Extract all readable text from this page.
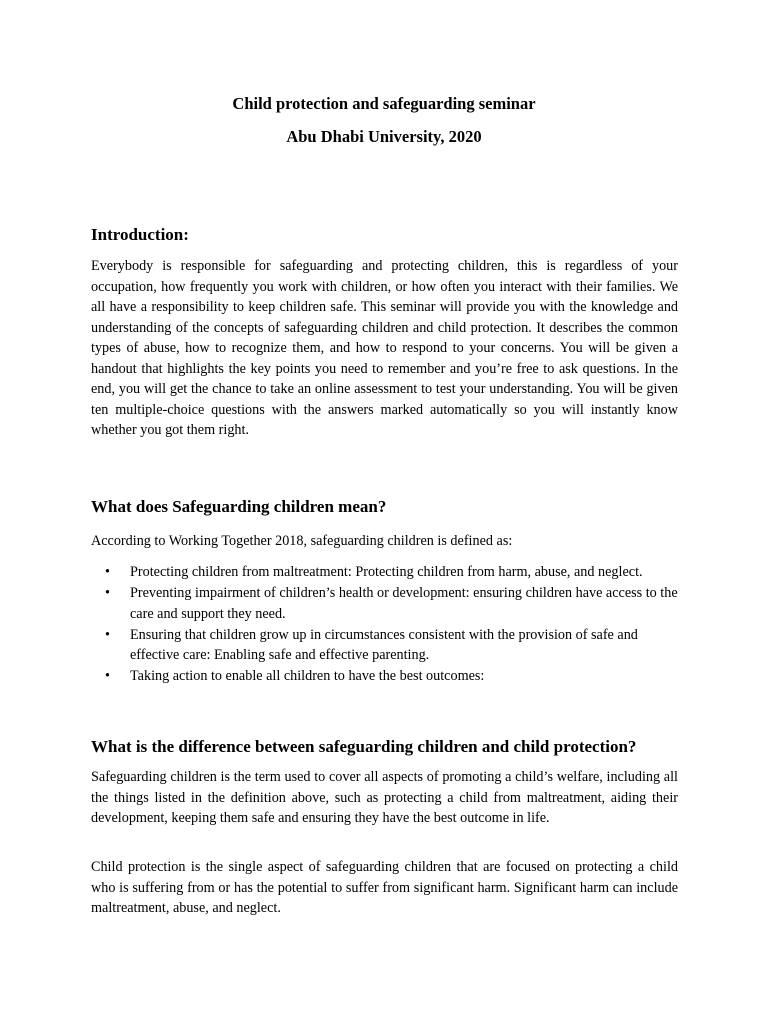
Child protection and safeguarding seminar
Abu Dhabi University, 2020
Introduction:

Everybody is responsible for safeguarding and protecting children, this is regardless of your occupation, how frequently you work with children, or how often you interact with their families. We all have a responsibility to keep children safe. This seminar will provide you with the knowledge and understanding of the concepts of safeguarding children and child protection. It describes the common types of abuse, how to recognize them, and how to respond to your concerns. You will be given a handout that highlights the key points you need to remember and you’re free to ask questions. In the end, you will get the chance to take an online assessment to test your understanding. You will be given ten multiple-choice questions with the answers marked automatically so you will instantly know whether you got them right.

What does Safeguarding children mean?

According to Working Together 2018, safeguarding children is defined as:

• Protecting children from maltreatment: Protecting children from harm, abuse, and neglect.
• Preventing impairment of children’s health or development: ensuring children have access to the care and support they need.
• Ensuring that children grow up in circumstances consistent with the provision of safe and effective care: Enabling safe and effective parenting.
• Taking action to enable all children to have the best outcomes:
What is the difference between safeguarding children and child protection?

Safeguarding children is the term used to cover all aspects of promoting a child’s welfare, including all the things listed in the definition above, such as protecting a child from maltreatment, aiding their development, keeping them safe and ensuring they have the best outcome in life.

Child protection is the single aspect of safeguarding children that are focused on protecting a child who is suffering from or has the potential to suffer from significant harm. Significant harm can include maltreatment, abuse, and neglect.
